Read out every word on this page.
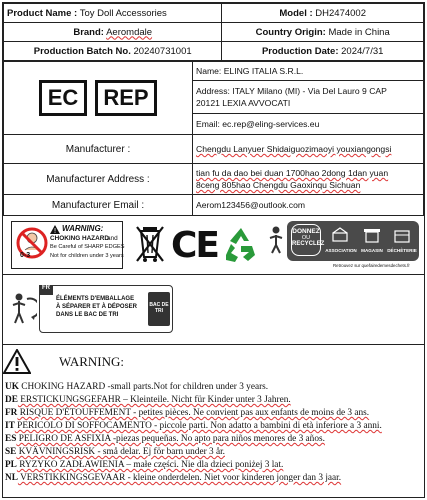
Product Name : Toy Doll Accessories	Model : DH2474002
Brand: Aeromdale	Country Origin: Made in China
Production Batch No. 20240731001	Production Date: 2024/7/31
EC REP	Name: ELING ITALIA S.R.L.

	Address: ITALY Milano (MI) - Via Del Lauro 9 CAP
20121 LEXIA AVVOCATI

	Email: ec.rep@eling-services.eu
Manufacturer :	Chengdu Lanyuer Shidaiguozimaoyi youxiangongsi
Manufacturer Address :	tian fu da dao bei duan 1700hao 2dong 1dan yuan
8ceng 805hao Chengdu Gaoxinqu Sichuan

Manufacturer Email :	Aerom123456@outlook.com
0-3
! WARNING:
CHOKING HAZARD
and
Be Careful of SHARP EDGES
Not for children under 3 years CE	DONNEZ
OU
RECYCLEZ
ASSOCIATION MAGASIN DÉCHÈTERIE
Retrouvez sur quefairedemesdechets.fr
FR
ÉLÉMENTS D'EMBALLAGE
À SÉPARER ET À DÉPOSER
DANS LE BAC DE TRI
BAC DE TRI
WARNING:
UK CHOKING HAZARD -small parts.Not for children under 3 years.
DE ERSTICKUNGSGEFAHR – Kleinteile. Nicht für Kinder unter 3 Jahren.
FR RISQUE D'ÉTOUFFEMENT - petites pièces. Ne convient pas aux enfants de moins de 3 ans.
IT PERICOLO DI SOFFOCAMENTO - piccole parti. Non adatto a bambini di età inferiore a 3 anni.
ES PELIGRO DE ASFIXIA -piezas pequeñas. No apto para niños menores de 3 años.
SE KVÄVNINGSRISK - små delar. Ej för barn under 3 år.
PL RYZYKO ZADŁAWIENIA – małe części. Nie dla dzieci poniżej 3 lat.
NL VERSTIKKINGSGEVAAR - kleine onderdelen. Niet voor kinderen jonger dan 3 jaar.
